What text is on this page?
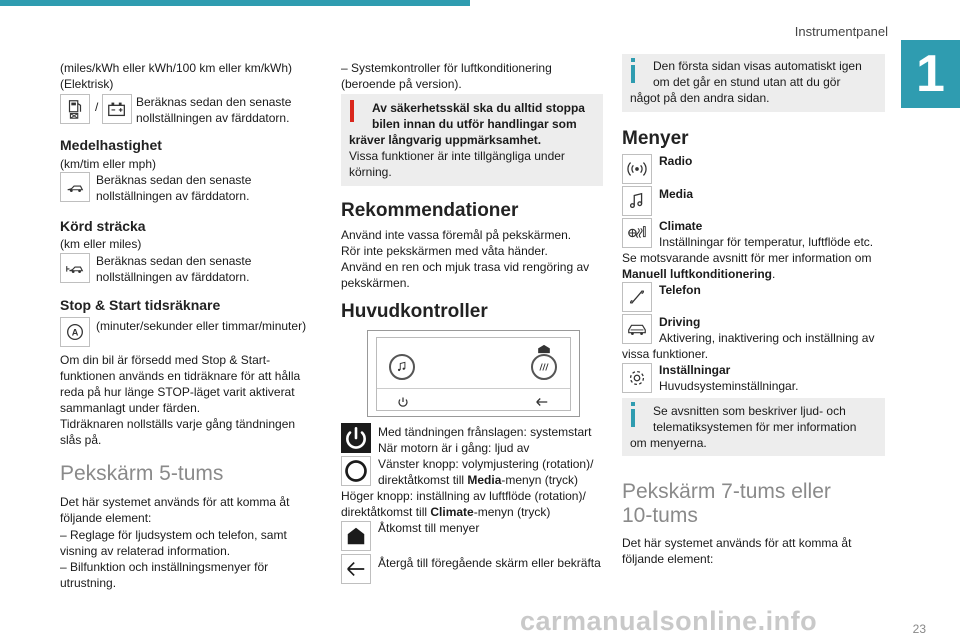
Instrumentpanel
1
(miles/kWh eller kWh/100 km eller km/kWh)
(Elektrisk)
/	Beräknas sedan den senaste
nollställningen av färddatorn.
Medelhastighet
(km/tim eller mph)
Beräknas sedan den senaste
nollställningen av färddatorn.
Körd sträcka
(km eller miles)
Beräknas sedan den senaste
nollställningen av färddatorn.
Stop & Start tidsräknare
A (minuter/sekunder eller timmar/minuter)
Om din bil är försedd med Stop & Start-
funktionen används en tidräknare för att hålla
reda på hur länge STOP-läget varit aktiverat
sammanlagt under färden.
Tidräknaren nollställs varje gång tändningen
slås på.
Pekskärm 5-tums
Det här systemet används för att komma åt
följande element:
– Reglage för ljudsystem och telefon, samt
visning av relaterad information.
– Bilfunktion och inställningsmenyer för
utrustning.
– Systemkontroller för luftkonditionering
(beroende på version).
Av säkerhetsskäl ska du alltid stoppa
bilen innan du utför handlingar som
kräver långvarig uppmärksamhet.
Vissa funktioner är inte tillgängliga under
körning.
Rekommendationer
Använd inte vassa föremål på pekskärmen.
Rör inte pekskärmen med våta händer.
Använd en ren och mjuk trasa vid rengöring av
pekskärmen.
Huvudkontroller
Med tändningen frånslagen: systemstart
När motorn är i gång: ljud av
Vänster knopp: volymjustering (rotation)/
direktåtkomst till Media-menyn (tryck)
Höger knopp: inställning av luftflöde (rotation)/
direktåtkomst till Climate-menyn (tryck)
Åtkomst till menyer
Återgå till föregående skärm eller bekräfta
Den första sidan visas automatiskt igen
om det går en stund utan att du gör
något på den andra sidan.
Menyer
Radio
Media
Climate
Inställningar för temperatur, luftflöde etc.
Se motsvarande avsnitt för mer information om
Manuell luftkonditionering.
Telefon
Driving
Aktivering, inaktivering och inställning av
vissa funktioner.
Inställningar
Huvudsysteminställningar.
Se avsnitten som beskriver ljud- och
telematiksystemen för mer information
om menyerna.
Pekskärm 7-tums eller
10-tums
Det här systemet används för att komma åt
följande element:
carmanualsonline.info	23
